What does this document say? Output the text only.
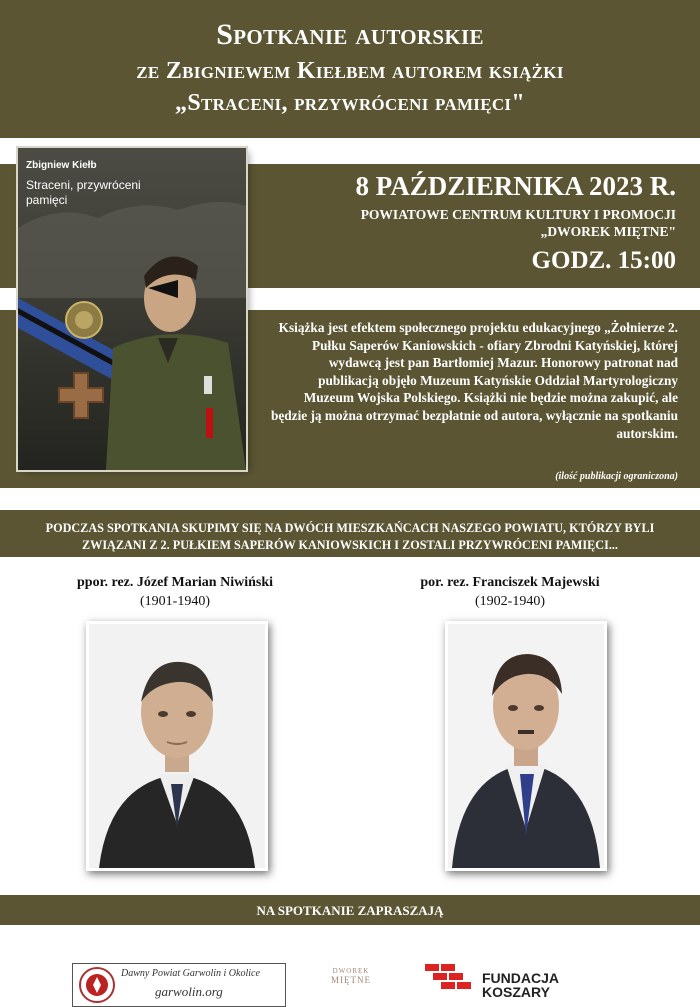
Spotkanie autorskie
ze Zbigniewem Kiełbem autorem książki
„Straceni, przywróceni pamięci"
8 PAŹDZIERNIKA 2023 R.
POWIATOWE CENTRUM KULTURY I PROMOCJI
„DWOREK MIĘTNE"
GODZ. 15:00
Książka jest efektem społecznego projektu edukacyjnego „Żołnierze 2. Pułku Saperów Kaniowskich - ofiary Zbrodni Katyńskiej, której wydawcą jest pan Bartłomiej Mazur. Honorowy patronat nad publikacją objęło Muzeum Katyńskie Oddział Martyrologiczny Muzeum Wojska Polskiego. Książki nie będzie można zakupić, ale będzie ją można otrzymać bezpłatnie od autora, wyłącznie na spotkaniu autorskim.
(ilość publikacji ograniczona)
Zbigniew Kiełb
Straceni, przywróceni pamięci
PODCZAS SPOTKANIA SKUPIMY SIĘ NA DWÓCH MIESZKAŃCACH NASZEGO POWIATU, KTÓRZY BYLI ZWIĄZANI Z 2. PUŁKIEM SAPERÓW KANIOWSKICH I ZOSTALI PRZYWRÓCENI PAMIĘCI...
ppor. rez. Józef Marian Niwiński
(1901-1940)
por. rez. Franciszek Majewski
(1902-1940)
NA SPOTKANIE ZAPRASZAJĄ
Dawny Powiat Garwolin i Okolice
garwolin.org
DWOREK
MIĘTNE	FUNDACJA
KOSZARY
